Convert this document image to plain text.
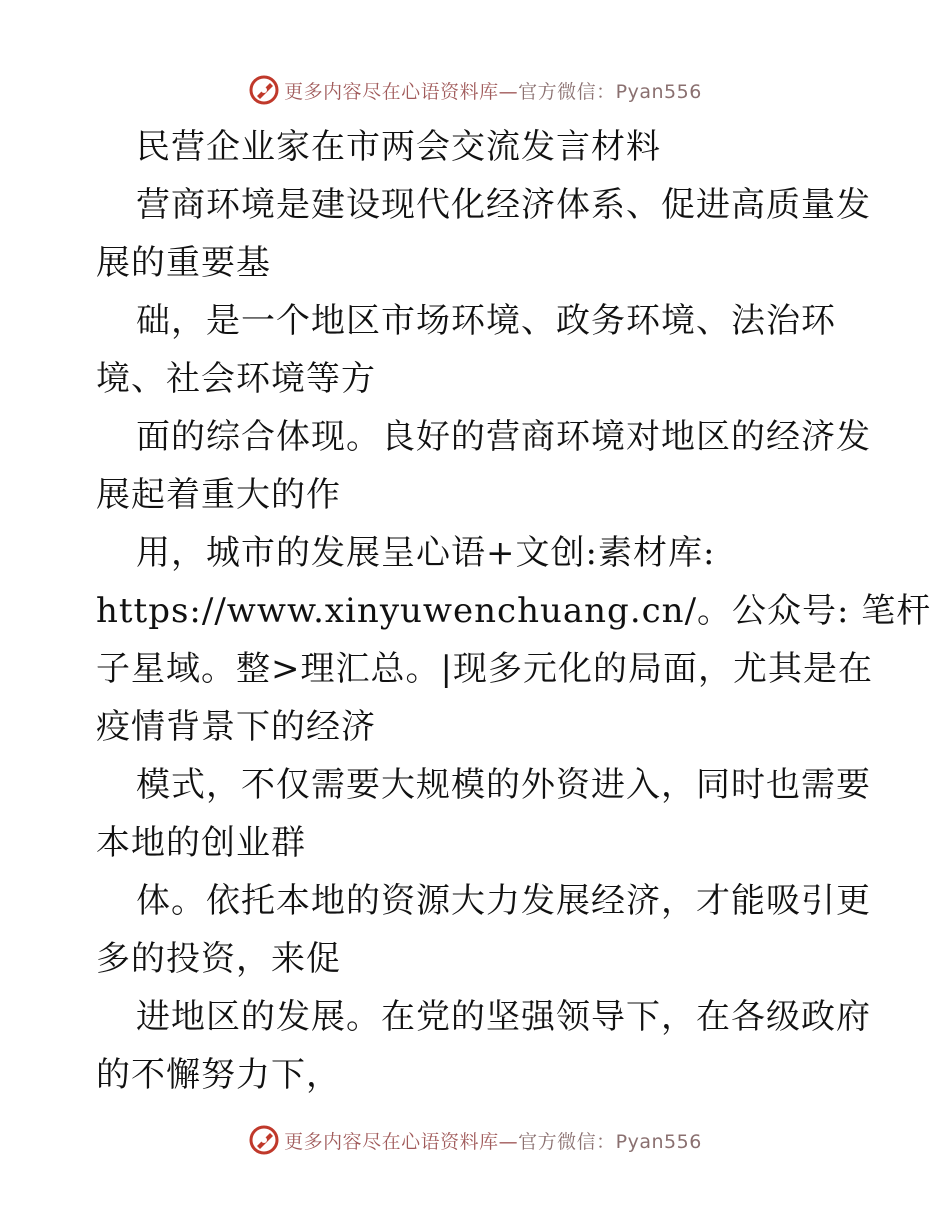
更多内容尽在心语资料库—官方微信：Pyan556

民营企业家在市两会交流发言材料

营商环境是建设现代化经济体系、促进高质量发

展的重要基

础，是一个地区市场环境、政务环境、法治环

境、社会环境等方

面的综合体现。良好的营商环境对地区的经济发

展起着重大的作

用，城市的发展呈心语+文创:素材库:

https://www.xinyuwenchuang.cn/。公众号: 笔杆

子星域。整>理汇总。|现多元化的局面，尤其是在

疫情背景下的经济

模式，不仅需要大规模的外资进入，同时也需要

本地的创业群

体。依托本地的资源大力发展经济，才能吸引更

多的投资，来促

进地区的发展。在党的坚强领导下，在各级政府

的不懈努力下，

更多内容尽在心语资料库—官方微信：Pyan556
